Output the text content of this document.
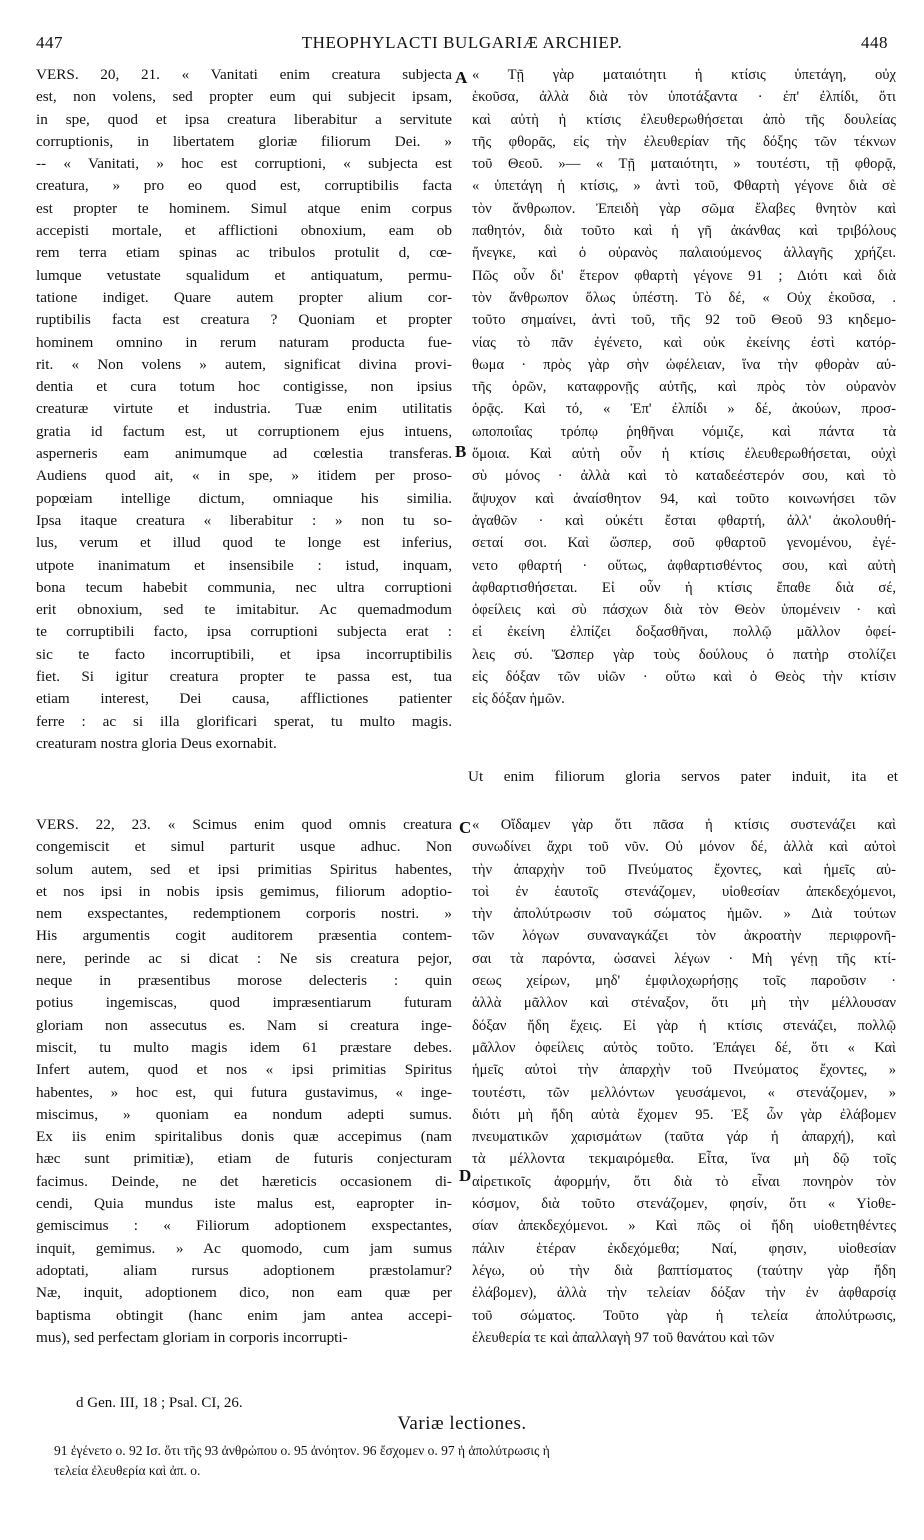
447	THEOPHYLACTI BULGARIÆ ARCHIEP.	448
VERS. 20, 21. « Vanitati enim creatura subjecta
est, non volens, sed propter eum qui subjecit ipsam,
in spe, quod et ipsa creatura liberabitur a servitute
corruptionis, in libertatem gloriæ filiorum Dei. »
-- « Vanitati, » hoc est corruptioni, « subjecta est
creatura, » pro eo quod est, corruptibilis facta
est propter te hominem. Simul atque enim corpus
accepisti mortale, et afflictioni obnoxium, eam ob
rem terra etiam spinas ac tribulos protulit d, cœ-
lumque vetustate squalidum et antiquatum, permu-
tatione indiget. Quare autem propter alium cor-
ruptibilis facta est creatura ? Quoniam et propter
hominem omnino in rerum naturam producta fue-
rit. « Non volens » autem, significat divina provi-
dentia et cura totum hoc contigisse, non ipsius
creaturæ virtute et industria. Tuæ enim utilitatis
gratia id factum est, ut corruptionem ejus intuens,
asperneris eam animumque ad cœlestia transferas.
Audiens quod ait, « in spe, » itidem per proso-
popœiam intellige dictum, omniaque his similia.
Ipsa itaque creatura « liberabitur : » non tu so-
lus, verum et illud quod te longe est inferius,
utpote inanimatum et insensibile : istud, inquam,
bona tecum habebit communia, nec ultra corruptioni
erit obnoxium, sed te imitabitur. Ac quemadmodum
te corruptibili facto, ipsa corruptioni subjecta erat :
sic te facto incorruptibili, et ipsa incorruptibilis
fiet. Si igitur creatura propter te passa est, tua
etiam interest, Dei causa, afflictiones patienter
ferre : ac si illa glorificari sperat, tu multo magis.
creaturam nostra gloria Deus exornabit.
« Τῇ γὰρ ματαιότητι ἡ κτίσις ὑπετάγη, οὐχ
ἑκοῦσα, ἀλλὰ διὰ τὸν ὑποτάξαντα · ἐπ' ἐλπίδι, ὅτι
καὶ αὐτὴ ἡ κτίσις ἐλευθερωθήσεται ἀπὸ τῆς δουλείας
τῆς φθορᾶς, εἰς τὴν ἐλευθερίαν τῆς δόξης τῶν τέκνων
τοῦ Θεοῦ. »— « Τῇ ματαιότητι, » τουτέστι, τῇ φθορᾷ,
« ὑπετάγη ἡ κτίσις, » ἀντὶ τοῦ, Φθαρτὴ γέγονε διὰ σὲ
τὸν ἄνθρωπον. Ἐπειδὴ γὰρ σῶμα ἔλαβες θνητὸν καὶ
παθητόν, διὰ τοῦτο καὶ ἡ γῆ ἀκάνθας καὶ τριβόλους
ἤνεγκε, καὶ ὁ οὐρανὸς παλαιούμενος ἀλλαγῆς χρήζει.
Πῶς οὖν δι' ἕτερον φθαρτὴ γέγονε 91 ; Διότι καὶ διὰ
τὸν ἄνθρωπον ὅλως ὑπέστη. Τὸ δέ, « Οὐχ ἑκοῦσα, .
τοῦτο σημαίνει, ἀντὶ τοῦ, τῆς 92 τοῦ Θεοῦ 93 κηδεμο-
νίας τὸ πᾶν ἐγένετο, καὶ οὐκ ἐκείνης ἐστὶ κατόρ-
θωμα · πρὸς γὰρ σὴν ὠφέλειαν, ἵνα τὴν φθορὰν αὐ-
τῆς ὁρῶν, καταφρονῇς αὐτῆς, καὶ πρὸς τὸν οὐρανὸν
ὁρᾷς. Καὶ τό, « Ἐπ' ἐλπίδι » δέ, ἀκούων, προσ-
ωποποιΐας τρόπῳ ῥηθῆναι νόμιζε, καὶ πάντα τὰ
ὅμοια. Καὶ αὐτὴ οὖν ἡ κτίσις ἐλευθερωθήσεται, οὐχὶ
σὺ μόνος · ἀλλὰ καὶ τὸ καταδεέστερόν σου, καὶ τὸ
ἄψυχον καὶ ἀναίσθητον 94, καὶ τοῦτο κοινωνήσει τῶν
ἀγαθῶν · καὶ οὐκέτι ἔσται φθαρτή, ἀλλ' ἀκολουθή-
σεταί σοι. Καὶ ὥσπερ, σοῦ φθαρτοῦ γενομένου, ἐγέ-
νετο φθαρτή · οὕτως, ἀφθαρτισθέντος σου, καὶ αὐτὴ
ἀφθαρτισθήσεται. Εἰ οὖν ἡ κτίσις ἔπαθε διὰ σέ,
ὀφείλεις καὶ σὺ πάσχων διὰ τὸν Θεὸν ὑπομένειν · καὶ
εἰ ἐκείνη ἐλπίζει δοξασθῆναι, πολλῷ μᾶλλον ὀφεί-
λεις σύ. Ὥσπερ γὰρ τοὺς δούλους ὁ πατὴρ στολίζει
εἰς δόξαν τῶν υἱῶν · οὕτω καὶ ὁ Θεὸς τὴν κτίσιν
εἰς δόξαν ἡμῶν.
Ut enim filiorum gloria servos pater induit, ita et
VERS. 22, 23. « Scimus enim quod omnis creatura
congemiscit et simul parturit usque adhuc. Non
solum autem, sed et ipsi primitias Spiritus habentes,
et nos ipsi in nobis ipsis gemimus, filiorum adoptio-
nem exspectantes, redemptionem corporis nostri. »
His argumentis cogit auditorem præsentia contem-
nere, perinde ac si dicat : Ne sis creatura pejor,
neque in præsentibus morose delecteris : quin
potius ingemiscas, quod impræsentiarum futuram
gloriam non assecutus es. Nam si creatura inge-
miscit, tu multo magis idem 61 præstare debes.
Infert autem, quod et nos « ipsi primitias Spiritus
habentes, » hoc est, qui futura gustavimus, « inge-
miscimus, » quoniam ea nondum adepti sumus.
Ex iis enim spiritalibus donis quæ accepimus (nam
hæc sunt primitiæ), etiam de futuris conjecturam
facimus. Deinde, ne det hæreticis occasionem di-
cendi, Quia mundus iste malus est, eapropter in-
gemiscimus : « Filiorum adoptionem exspectantes,
inquit, gemimus. » Ac quomodo, cum jam sumus
adoptati, aliam rursus adoptionem præstolamur?
Næ, inquit, adoptionem dico, non eam quæ per
baptisma obtingit (hanc enim jam antea accepi-
mus), sed perfectam gloriam in corporis incorrupti-
« Οἴδαμεν γὰρ ὅτι πᾶσα ἡ κτίσις συστενάζει καὶ
συνωδίνει ἄχρι τοῦ νῦν. Οὐ μόνον δέ, ἀλλὰ καὶ αὐτοὶ
τὴν ἀπαρχὴν τοῦ Πνεύματος ἔχοντες, καὶ ἡμεῖς αὐ-
τοὶ ἐν ἑαυτοῖς στενάζομεν, υἱοθεσίαν ἀπεκδεχόμενοι,
τὴν ἀπολύτρωσιν τοῦ σώματος ἡμῶν. » Διὰ τούτων
τῶν λόγων συναναγκάζει τὸν ἀκροατὴν περιφρονῆ-
σαι τὰ παρόντα, ὡσανεὶ λέγων · Μὴ γένῃ τῆς κτί-
σεως χείρων, μηδ' ἐμφιλοχωρήσῃς τοῖς παροῦσιν ·
ἀλλὰ μᾶλλον καὶ στέναξον, ὅτι μὴ τὴν μέλλουσαν
δόξαν ἤδη ἔχεις. Εἰ γὰρ ἡ κτίσις στενάζει, πολλῷ
μᾶλλον ὀφείλεις αὐτὸς τοῦτο. Ἐπάγει δέ, ὅτι « Καὶ
ἡμεῖς αὐτοὶ τὴν ἀπαρχὴν τοῦ Πνεύματος ἔχοντες, »
τουτέστι, τῶν μελλόντων γευσάμενοι, « στενάζομεν, »
διότι μὴ ἤδη αὐτὰ ἔχομεν 95. Ἐξ ὧν γὰρ ἐλάβομεν
πνευματικῶν χαρισμάτων (ταῦτα γάρ ἡ ἀπαρχή), καὶ
τὰ μέλλοντα τεκμαιρόμεθα. Εἶτα, ἵνα μὴ δῷ τοῖς
αἱρετικοῖς ἀφορμήν, ὅτι διὰ τὸ εἶναι πονηρὸν τὸν
κόσμον, διὰ τοῦτο στενάζομεν, φησίν, ὅτι « Υἱοθε-
σίαν ἀπεκδεχόμενοι. » Καὶ πῶς οἱ ἤδη υἱοθετηθέντες
πάλιν ἑτέραν ἐκδεχόμεθα; Ναί, φησιν, υἱοθεσίαν
λέγω, οὐ τὴν διὰ βαπτίσματος (ταύτην γὰρ ἤδη
ἐλάβομεν), ἀλλὰ τὴν τελείαν δόξαν τὴν ἐν ἀφθαρσίᾳ
τοῦ σώματος. Τοῦτο γὰρ ἡ τελεία ἀπολύτρωσις,
ἐλευθερία τε καὶ ἀπαλλαγὴ 97 τοῦ θανάτου καὶ τῶν
A
B
C
D
d Gen. III, 18 ; Psal. CI, 26.
Variæ lectiones.
91 ἐγένετο ο. 92 Ισ. ὅτι τῆς 93 ἀνθρώπου ο. 95 ἀνόητον. 96 ἔσχομεν ο. 97 ἡ ἀπολύτρωσις ἡ
τελεία ἐλευθερία καὶ ἀπ. ο.
